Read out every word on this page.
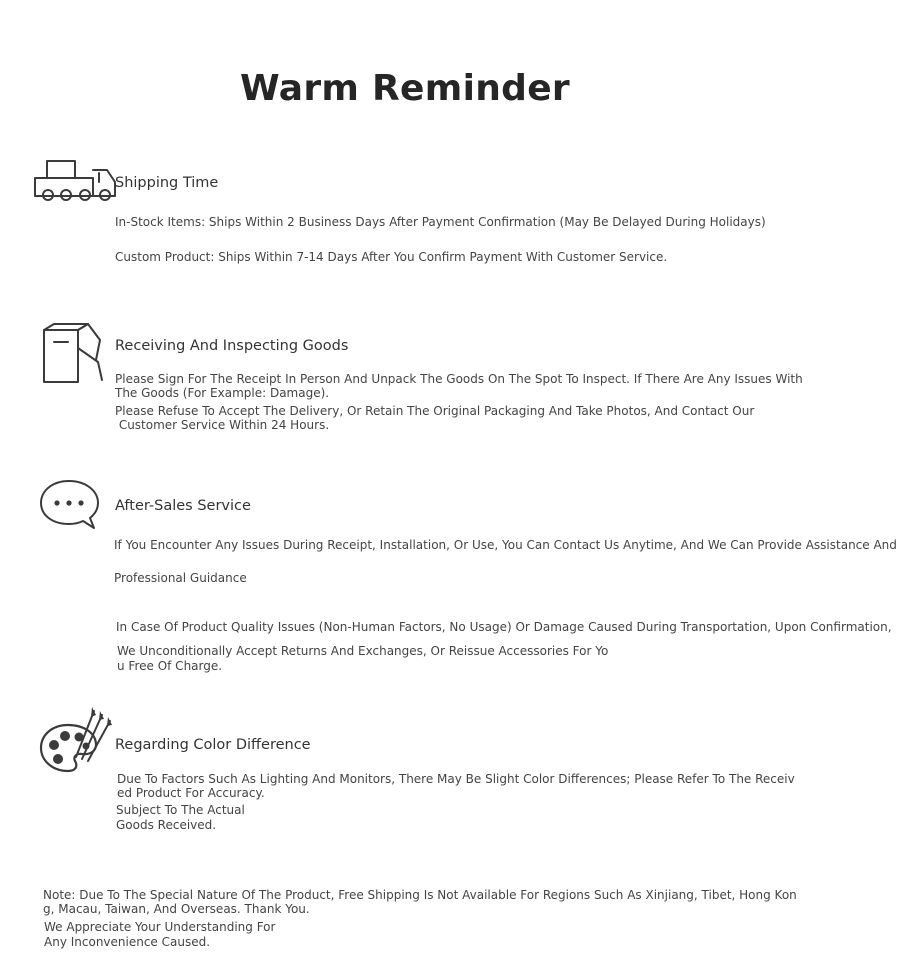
Warm Reminder
Shipping Time
In-Stock Items: Ships Within 2 Business Days After Payment Confirmation (May Be Delayed During Holidays)
Custom Product: Ships Within 7-14 Days After You Confirm Payment With Customer Service.
Receiving And Inspecting Goods
Please Sign For The Receipt In Person And Unpack The Goods On The Spot To Inspect. If There Are Any Issues With
The Goods (For Example: Damage).
Please Refuse To Accept The Delivery, Or Retain The Original Packaging And Take Photos, And Contact Our
Customer Service Within 24 Hours.
After-Sales Service
If You Encounter Any Issues During Receipt, Installation, Or Use, You Can Contact Us Anytime, And We Can Provide Assistance And
Professional Guidance
In Case Of Product Quality Issues (Non-Human Factors, No Usage) Or Damage Caused During Transportation, Upon Confirmation,
We Unconditionally Accept Returns And Exchanges, Or Reissue Accessories For Yo
u Free Of Charge.
Regarding Color Difference
Due To Factors Such As Lighting And Monitors, There May Be Slight Color Differences; Please Refer To The Receiv
ed Product For Accuracy.
Subject To The Actual
Goods Received.
Note: Due To The Special Nature Of The Product, Free Shipping Is Not Available For Regions Such As Xinjiang, Tibet, Hong Kon
g, Macau, Taiwan, And Overseas. Thank You.
We Appreciate Your Understanding For
Any Inconvenience Caused.
